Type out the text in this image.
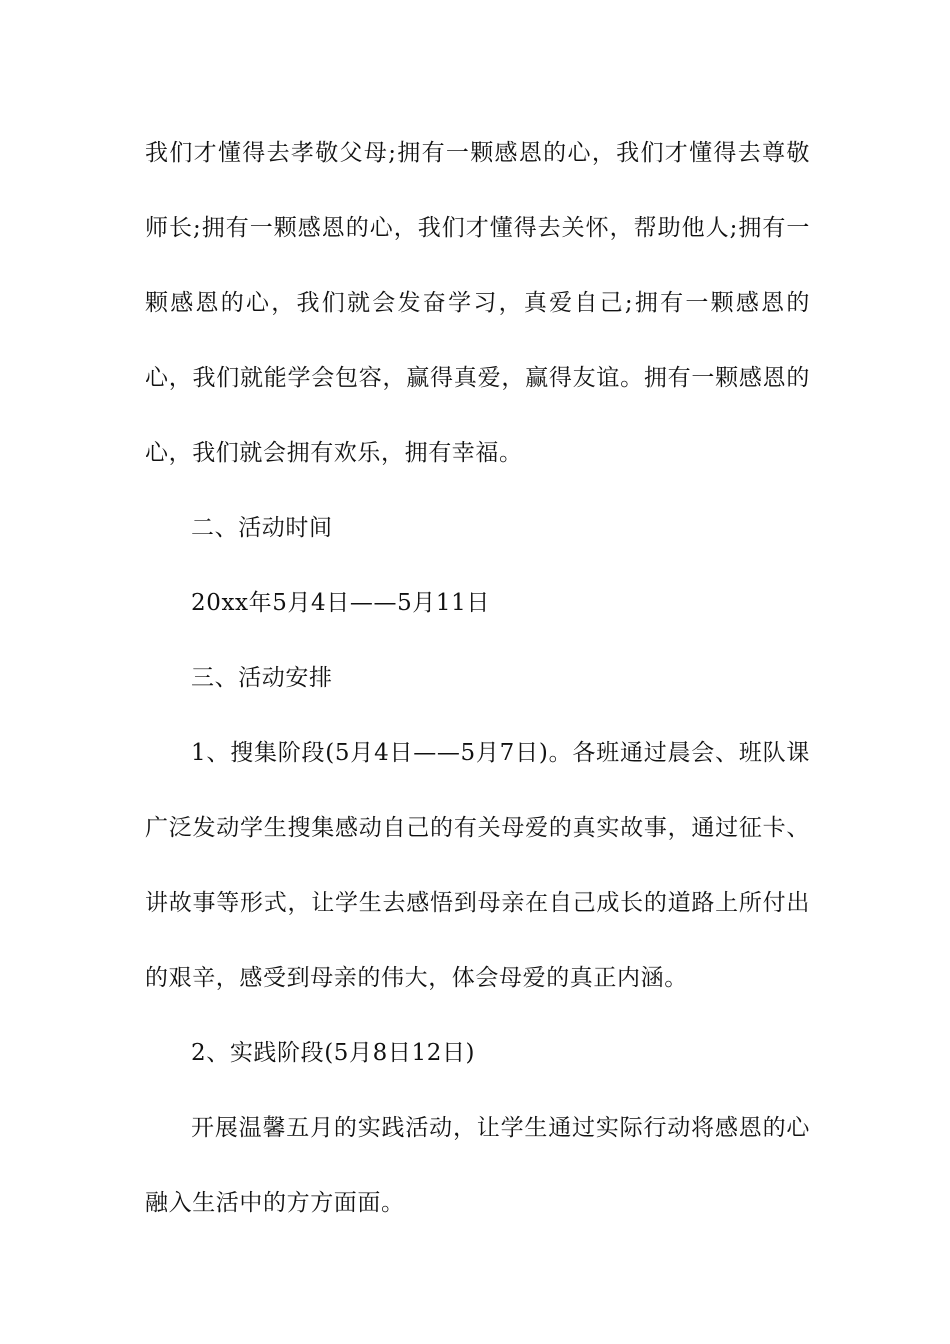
我们才懂得去孝敬父母;拥有一颗感恩的心，我们才懂得去尊敬师长;拥有一颗感恩的心，我们才懂得去关怀，帮助他人;拥有一颗感恩的心，我们就会发奋学习，真爱自己;拥有一颗感恩的心，我们就能学会包容，赢得真爱，赢得友谊。拥有一颗感恩的心，我们就会拥有欢乐，拥有幸福。

二、活动时间

20xx年5月4日——5月11日

三、活动安排

1、搜集阶段(5月4日——5月7日)。各班通过晨会、班队课广泛发动学生搜集感动自己的有关母爱的真实故事，通过征卡、讲故事等形式，让学生去感悟到母亲在自己成长的道路上所付出的艰辛，感受到母亲的伟大，体会母爱的真正内涵。

2、实践阶段(5月8日12日)

开展温馨五月的实践活动，让学生通过实际行动将感恩的心融入生活中的方方面面。
